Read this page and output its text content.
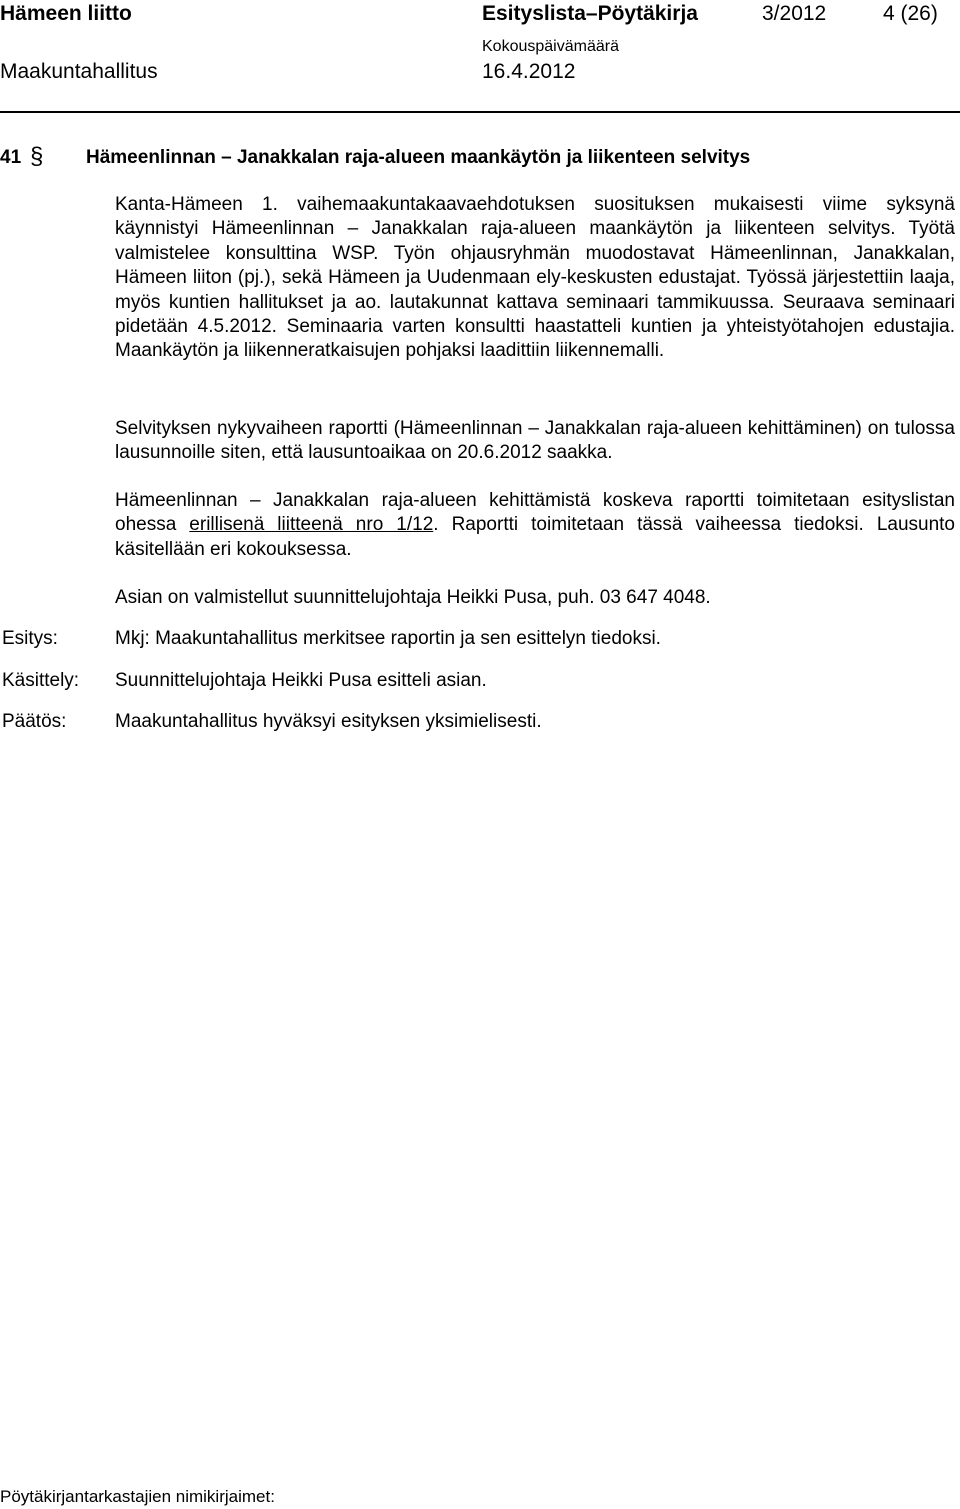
Hämeen liitto	Esityslista–Pöytäkirja	3/2012	4 (26)
Kokouspäivämäärä
Maakuntahallitus	16.4.2012
41 § Hämeenlinnan – Janakkalan raja-alueen maankäytön ja liikenteen selvitys

Kanta-Hämeen 1. vaihemaakuntakaavaehdotuksen suosituksen mukaisesti viime syksynä käynnistyi Hämeenlinnan – Janakkalan raja-alueen maankäytön ja liikenteen selvitys. Työtä valmistelee konsulttina WSP. Työn ohjausryhmän muodostavat Hämeenlinnan, Janakkalan, Hämeen liiton (pj.), sekä Hämeen ja Uudenmaan ely-keskusten edustajat. Työssä järjestettiin laaja, myös kuntien hallitukset ja ao. lautakunnat kattava seminaari tammikuussa. Seuraava seminaari pidetään 4.5.2012. Seminaaria varten konsultti haastatteli kuntien ja yhteistyötahojen edustajia. Maankäytön ja liikenneratkaisujen pohjaksi laadittiin liikennemalli.

Selvityksen nykyvaiheen raportti (Hämeenlinnan – Janakkalan raja-alueen kehittäminen) on tulossa lausunnoille siten, että lausuntoaikaa on 20.6.2012 saakka.

Hämeenlinnan – Janakkalan raja-alueen kehittämistä koskeva raportti toimitetaan esityslistan ohessa erillisenä liitteenä nro 1/12. Raportti toimitetaan tässä vaiheessa tiedoksi. Lausunto käsitellään eri kokouksessa.

Asian on valmistellut suunnittelujohtaja Heikki Pusa, puh. 03 647 4048.

Esitys:	Mkj: Maakuntahallitus merkitsee raportin ja sen esittelyn tiedoksi.
Käsittely: Suunnittelujohtaja Heikki Pusa esitteli asian.
Päätös:	Maakuntahallitus hyväksyi esityksen yksimielisesti.
Pöytäkirjantarkastajien nimikirjaimet:
